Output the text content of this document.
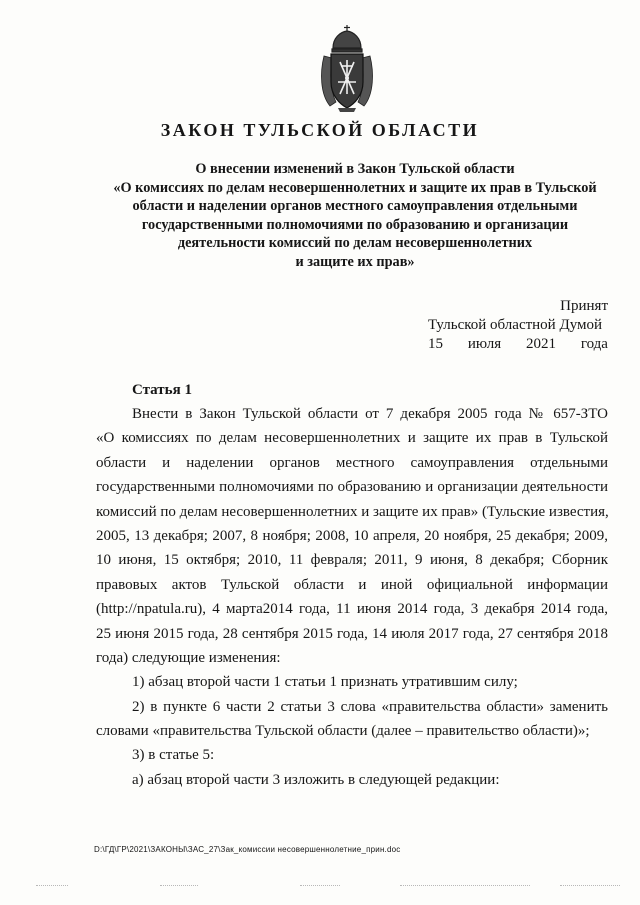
ЗАКОН ТУЛЬСКОЙ ОБЛАСТИ
О внесении изменений в Закон Тульской области
«О комиссиях по делам несовершеннолетних и защите их прав в Тульской
области и наделении органов местного самоуправления отдельными
государственными полномочиями по образованию и организации
деятельности комиссий по делам несовершеннолетних
и защите их прав»
Принят
Тульской областной Думой
15 июля 2021 года
Статья 1
Внести в Закон Тульской области от 7 декабря 2005 года № 657-ЗТО
«О комиссиях по делам несовершеннолетних и защите их прав в Тульской
области и наделении органов местного самоуправления отдельными
государственными полномочиями по образованию и организации деятельности
комиссий по делам несовершеннолетних и защите их прав» (Тульские известия,
2005, 13 декабря; 2007, 8 ноября; 2008, 10 апреля, 20 ноября, 25 декабря; 2009,
10 июня, 15 октября; 2010, 11 февраля; 2011, 9 июня, 8 декабря; Сборник
правовых актов Тульской области и иной официальной информации
(http://npatula.ru), 4 марта2014 года, 11 июня 2014 года, 3 декабря 2014 года,
25 июня 2015 года, 28 сентября 2015 года, 14 июля 2017 года, 27 сентября 2018
года) следующие изменения:
1) абзац второй части 1 статьи 1 признать утратившим силу;
2) в пункте 6 части 2 статьи 3 слова «правительства области» заменить
словами «правительства Тульской области (далее – правительство области)»;
3) в статье 5:
а) абзац второй части 3 изложить в следующей редакции:
D:\ГД\ГР\2021\ЗАКОНЫ\ЗАС_27\Зак_комиссии несовершеннолетние_прин.doc
